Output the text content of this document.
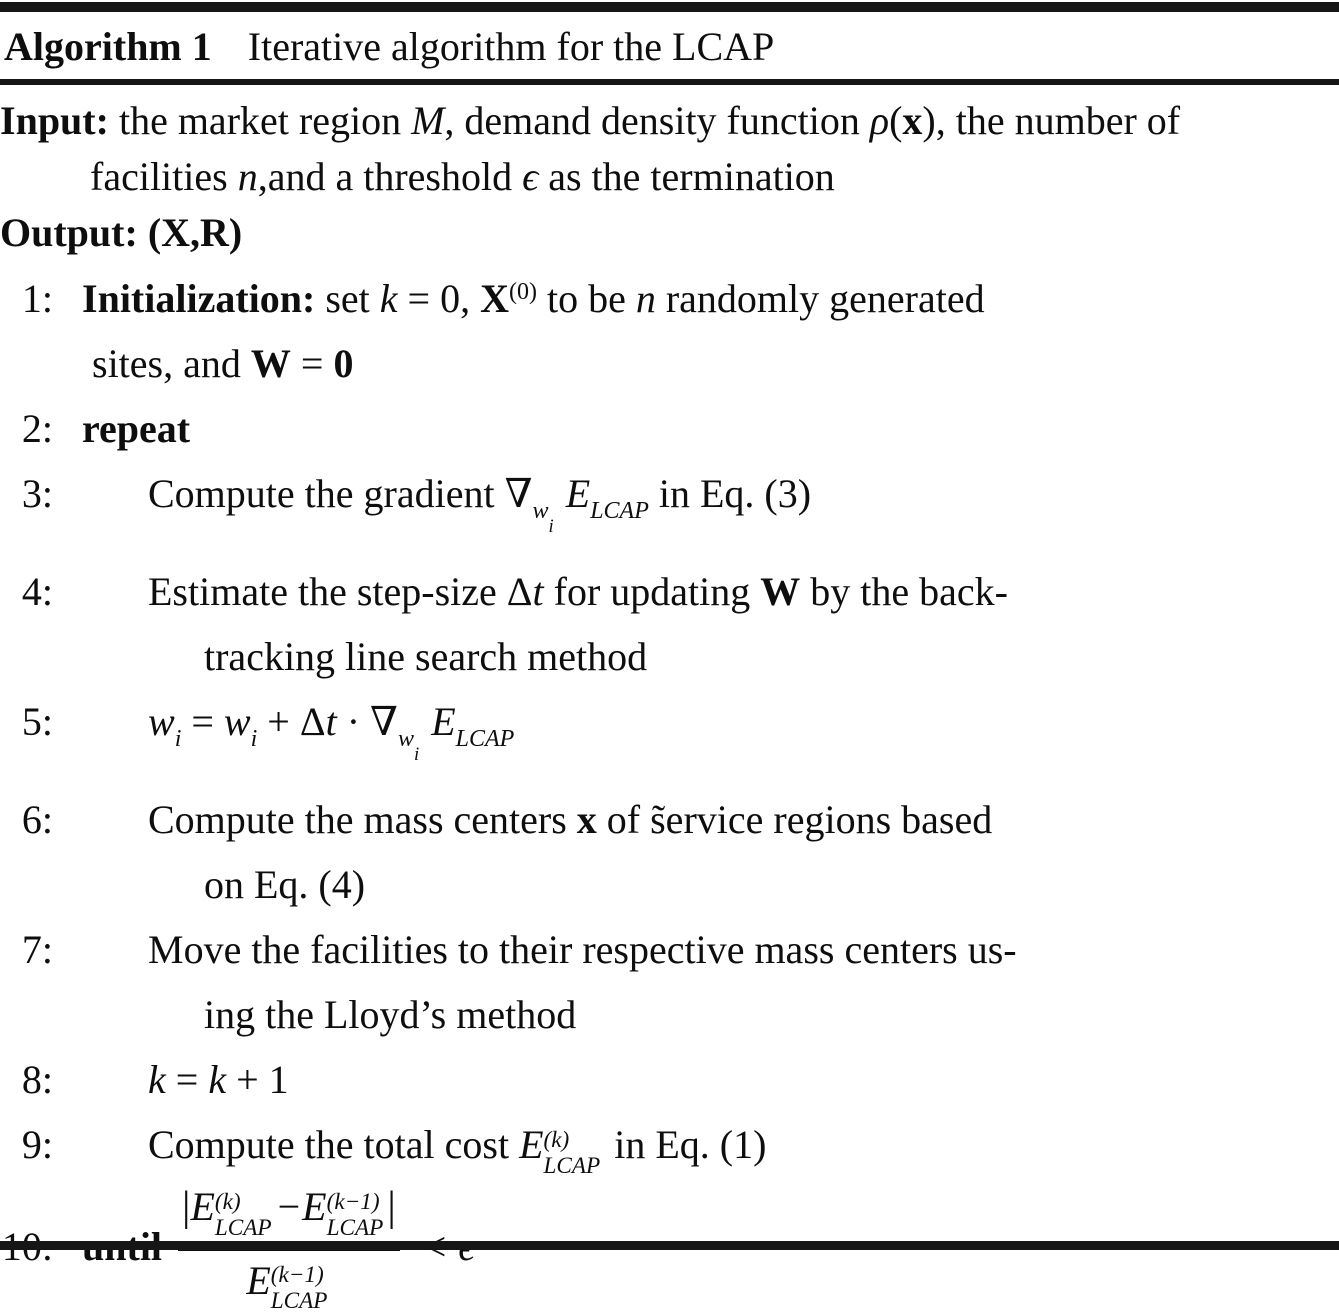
Algorithm 1 Iterative algorithm for the LCAP
Input: the market region M, demand density function ρ(x), the number of
facilities n,and a threshold ϵ as the termination
Output: (X,R)
1: Initialization: set k = 0, $X^{(0)}$ to be n randomly generated
sites, and W = 0
2: repeat
3: Compute the gradient $\nabla_{w_i}E_{LCAP}$ in Eq. (3)
4: Estimate the step-size Δt for updating W by the back-
tracking line search method
5: $w_i = w_i + \Delta t \cdot \nabla_{w_i}E_{LCAP}$
6: Compute the mass centers x of s̃ervice regions based
on Eq. (4)
7: Move the facilities to their respective mass centers us-
ing the Lloyd’s method
8: k = k + 1
9: Compute the total cost E (k)
LCAP in Eq. (1)
|E (k)
LCAP −E (k−1)
LCAP |
E (k−1)
LCAP
